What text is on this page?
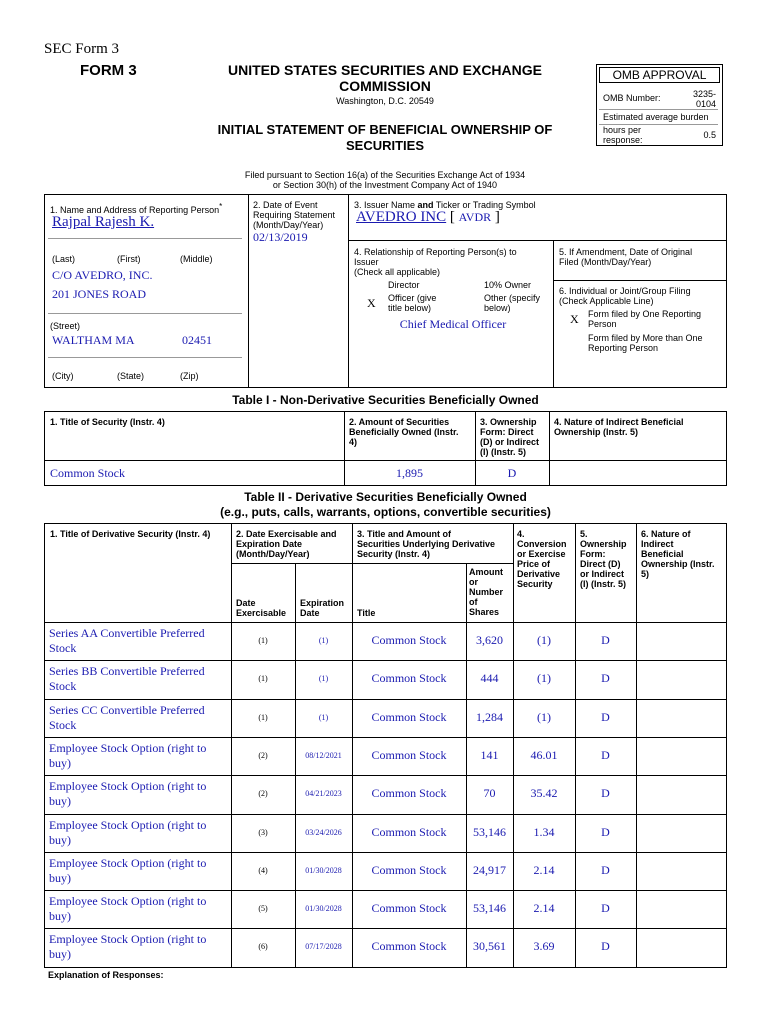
SEC Form 3
FORM 3	UNITED STATES SECURITIES AND EXCHANGE
COMMISSION
Washington, D.C. 20549
INITIAL STATEMENT OF BENEFICIAL OWNERSHIP OF
SECURITIES
OMB APPROVAL
OMB Number:	3235-
0104
Estimated average burden
hours per
response:	0.5
Filed pursuant to Section 16(a) of the Securities Exchange Act of 1934
or Section 30(h) of the Investment Company Act of 1940
1. Name and Address of Reporting Person*
Rajpal Rajesh K.
(Last)	(First)	(Middle)
C/O AVEDRO, INC.
201 JONES ROAD
(Street)
WALTHAM MA	02451
(City)	(State)	(Zip)
2. Date of Event
Requiring Statement
(Month/Day/Year)
02/13/2019
3. Issuer Name and Ticker or Trading Symbol
AVEDRO INC [ AVDR ]
4. Relationship of Reporting Person(s) to
Issuer
(Check all applicable)
Director	10% Owner
X Officer (give
title below)
Other (specify
below)
Chief Medical Officer
5. If Amendment, Date of Original
Filed (Month/Day/Year)
6. Individual or Joint/Group Filing
(Check Applicable Line)
X Form filed by One Reporting
Person
Form filed by More than One
Reporting Person
Table I - Non-Derivative Securities Beneficially Owned
1. Title of Security (Instr. 4)	2. Amount of Securities
Beneficially Owned (Instr.
4)
3. Ownership
Form: Direct
(D) or Indirect
(I) (Instr. 5)
4. Nature of Indirect Beneficial
Ownership (Instr. 5)
Common Stock	1,895	D
Table II - Derivative Securities Beneficially Owned
(e.g., puts, calls, warrants, options, convertible securities)
1. Title of Derivative Security (Instr. 4)	2. Date Exercisable and
Expiration Date
(Month/Day/Year)
3. Title and Amount of
Securities Underlying Derivative
Security (Instr. 4)
4.
Conversion
or Exercise
Price of
Derivative
Security
5.
Ownership
Form:
Direct (D)
or Indirect
(I) (Instr. 5)
6. Nature of
Indirect
Beneficial
Ownership (Instr.
5)
Date
Exercisable
Expiration
Date	Title
Amount
or
Number
of
Shares
Series AA Convertible Preferred
Stock
(1)	(1)	Common Stock	3,620	(1)	D
Series BB Convertible Preferred
Stock
(1)	(1)	Common Stock	444	(1)	D
Series CC Convertible Preferred
Stock
(1)	(1)	Common Stock	1,284	(1)	D
Employee Stock Option (right to
buy)
(2)	08/12/2021	Common Stock	141	46.01	D
Employee Stock Option (right to
buy)
(2)	04/21/2023	Common Stock	70	35.42	D
Employee Stock Option (right to
buy)
(3)	03/24/2026	Common Stock	53,146	1.34	D
Employee Stock Option (right to
buy)
(4)	01/30/2028	Common Stock	24,917	2.14	D
Employee Stock Option (right to
buy)
(5)	01/30/2028	Common Stock	53,146	2.14	D
Employee Stock Option (right to
buy)
(6)	07/17/2028	Common Stock	30,561	3.69	D
Explanation of Responses:
